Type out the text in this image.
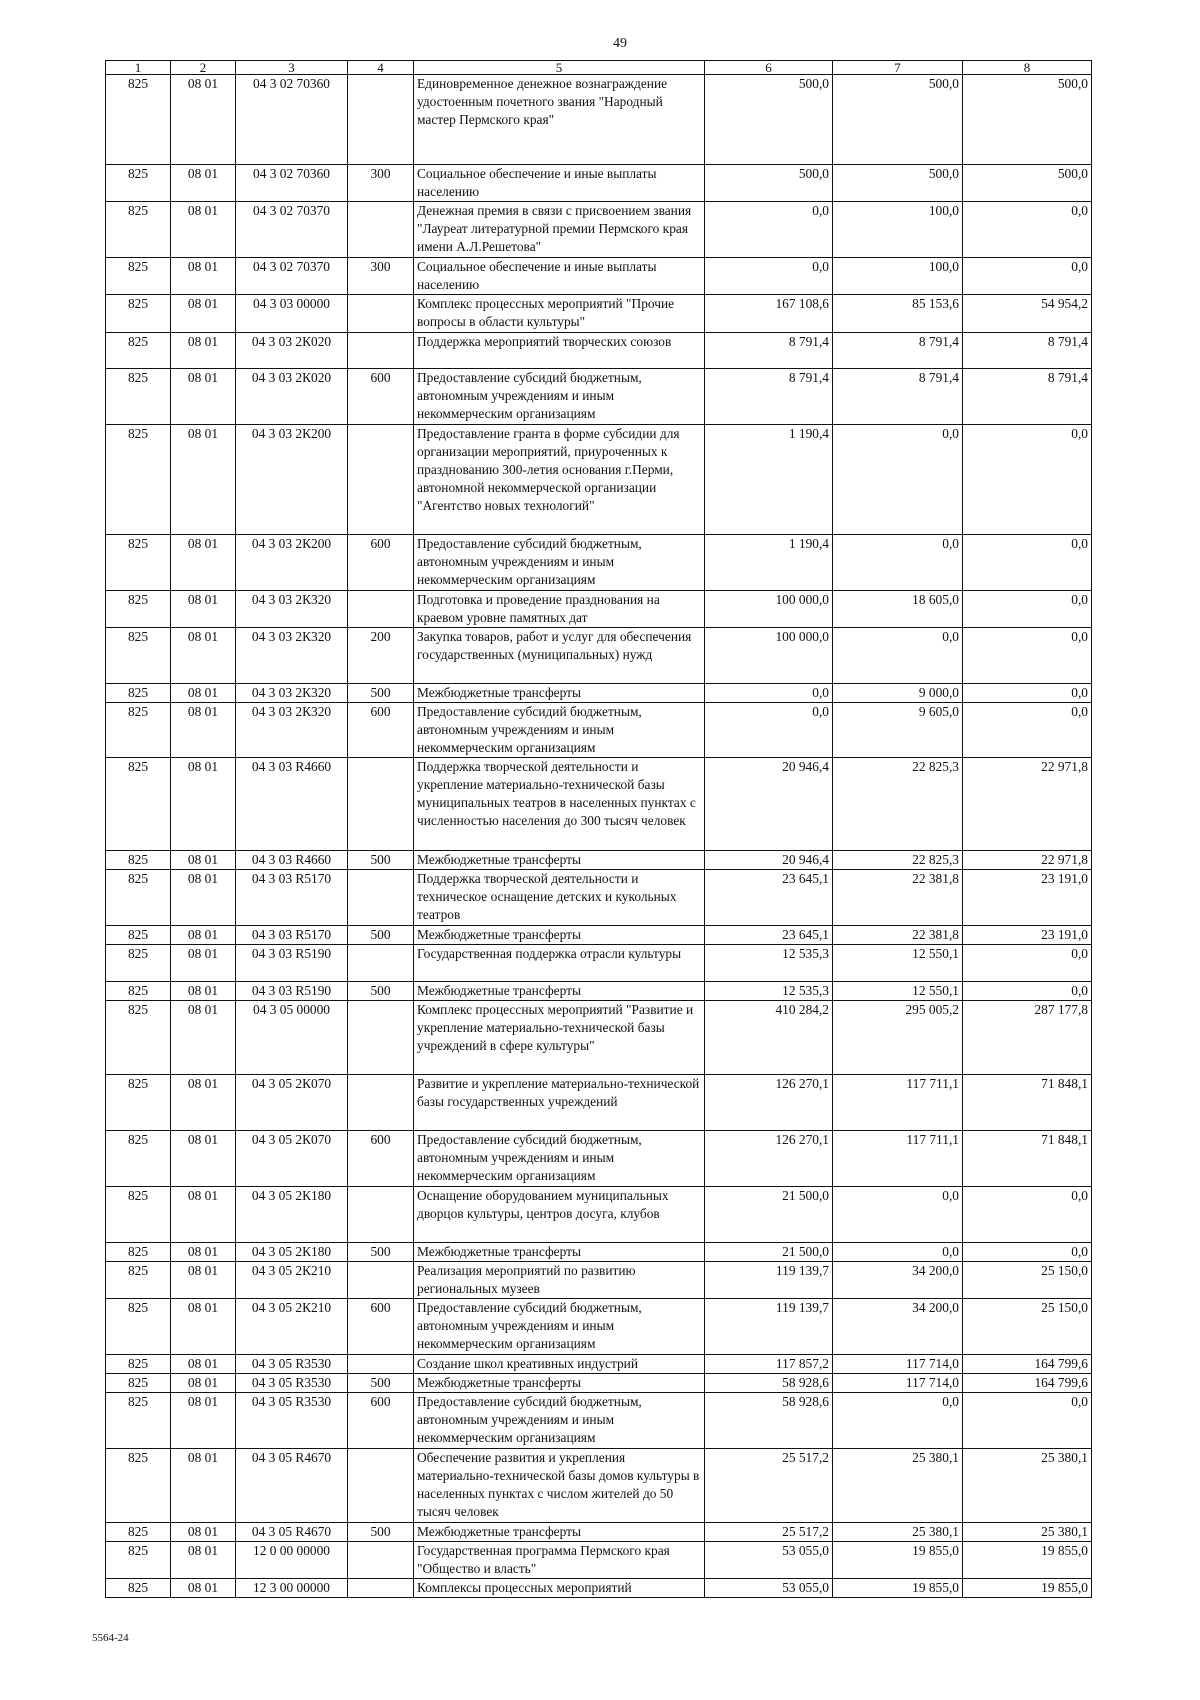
49
1	2	3	4	5	6	7	8
825	08 01	04 3 02 70360		Единовременное денежное вознаграждение удостоенным почетного звания "Народный мастер Пермского края"	500,0	500,0	500,0
825	08 01	04 3 02 70360	300	Социальное обеспечение и иные выплаты населению	500,0	500,0	500,0
825	08 01	04 3 02 70370		Денежная премия в связи с присвоением звания "Лауреат литературной премии Пермского края имени А.Л.Решетова"	0,0	100,0	0,0
825	08 01	04 3 02 70370	300	Социальное обеспечение и иные выплаты населению	0,0	100,0	0,0
825	08 01	04 3 03 00000		Комплекс процессных мероприятий "Прочие вопросы в области культуры"	167 108,6	85 153,6	54 954,2
825	08 01	04 3 03 2К020		Поддержка мероприятий творческих союзов	8 791,4	8 791,4	8 791,4
825	08 01	04 3 03 2К020	600	Предоставление субсидий бюджетным, автономным учреждениям и иным некоммерческим организациям	8 791,4	8 791,4	8 791,4
825	08 01	04 3 03 2К200		Предоставление гранта в форме субсидии для организации мероприятий, приуроченных к празднованию 300-летия основания г.Перми, автономной некоммерческой организации "Агентство новых технологий"	1 190,4	0,0	0,0
825	08 01	04 3 03 2К200	600	Предоставление субсидий бюджетным, автономным учреждениям и иным некоммерческим организациям	1 190,4	0,0	0,0
825	08 01	04 3 03 2К320		Подготовка и проведение празднования на краевом уровне памятных дат	100 000,0	18 605,0	0,0
825	08 01	04 3 03 2К320	200	Закупка товаров, работ и услуг для обеспечения государственных (муниципальных) нужд	100 000,0	0,0	0,0
825	08 01	04 3 03 2К320	500	Межбюджетные трансферты	0,0	9 000,0	0,0
825	08 01	04 3 03 2К320	600	Предоставление субсидий бюджетным, автономным учреждениям и иным некоммерческим организациям	0,0	9 605,0	0,0
825	08 01	04 3 03 R4660		Поддержка творческой деятельности и укрепление материально-технической базы муниципальных театров в населенных пунктах с численностью населения до 300 тысяч человек	20 946,4	22 825,3	22 971,8
825	08 01	04 3 03 R4660	500	Межбюджетные трансферты	20 946,4	22 825,3	22 971,8
825	08 01	04 3 03 R5170		Поддержка творческой деятельности и техническое оснащение детских и кукольных театров	23 645,1	22 381,8	23 191,0
825	08 01	04 3 03 R5170	500	Межбюджетные трансферты	23 645,1	22 381,8	23 191,0
825	08 01	04 3 03 R5190		Государственная поддержка отрасли культуры	12 535,3	12 550,1	0,0
825	08 01	04 3 03 R5190	500	Межбюджетные трансферты	12 535,3	12 550,1	0,0
825	08 01	04 3 05 00000		Комплекс процессных мероприятий "Развитие и укрепление материально-технической базы учреждений в сфере культуры"	410 284,2	295 005,2	287 177,8
825	08 01	04 3 05 2К070		Развитие и укрепление материально-технической базы государственных учреждений	126 270,1	117 711,1	71 848,1
825	08 01	04 3 05 2К070	600	Предоставление субсидий бюджетным, автономным учреждениям и иным некоммерческим организациям	126 270,1	117 711,1	71 848,1
825	08 01	04 3 05 2К180		Оснащение оборудованием муниципальных дворцов культуры, центров досуга, клубов	21 500,0	0,0	0,0
825	08 01	04 3 05 2К180	500	Межбюджетные трансферты	21 500,0	0,0	0,0
825	08 01	04 3 05 2К210		Реализация мероприятий по развитию региональных музеев	119 139,7	34 200,0	25 150,0
825	08 01	04 3 05 2К210	600	Предоставление субсидий бюджетным, автономным учреждениям и иным некоммерческим организациям	119 139,7	34 200,0	25 150,0
825	08 01	04 3 05 R3530		Создание школ креативных индустрий	117 857,2	117 714,0	164 799,6
825	08 01	04 3 05 R3530	500	Межбюджетные трансферты	58 928,6	117 714,0	164 799,6
825	08 01	04 3 05 R3530	600	Предоставление субсидий бюджетным, автономным учреждениям и иным некоммерческим организациям	58 928,6	0,0	0,0
825	08 01	04 3 05 R4670		Обеспечение развития и укрепления материально-технической базы домов культуры в населенных пунктах с числом жителей до 50 тысяч человек	25 517,2	25 380,1	25 380,1
825	08 01	04 3 05 R4670	500	Межбюджетные трансферты	25 517,2	25 380,1	25 380,1
825	08 01	12 0 00 00000		Государственная программа Пермского края "Общество и власть"	53 055,0	19 855,0	19 855,0
825	08 01	12 3 00 00000		Комплексы процессных мероприятий	53 055,0	19 855,0	19 855,0
5564-24
